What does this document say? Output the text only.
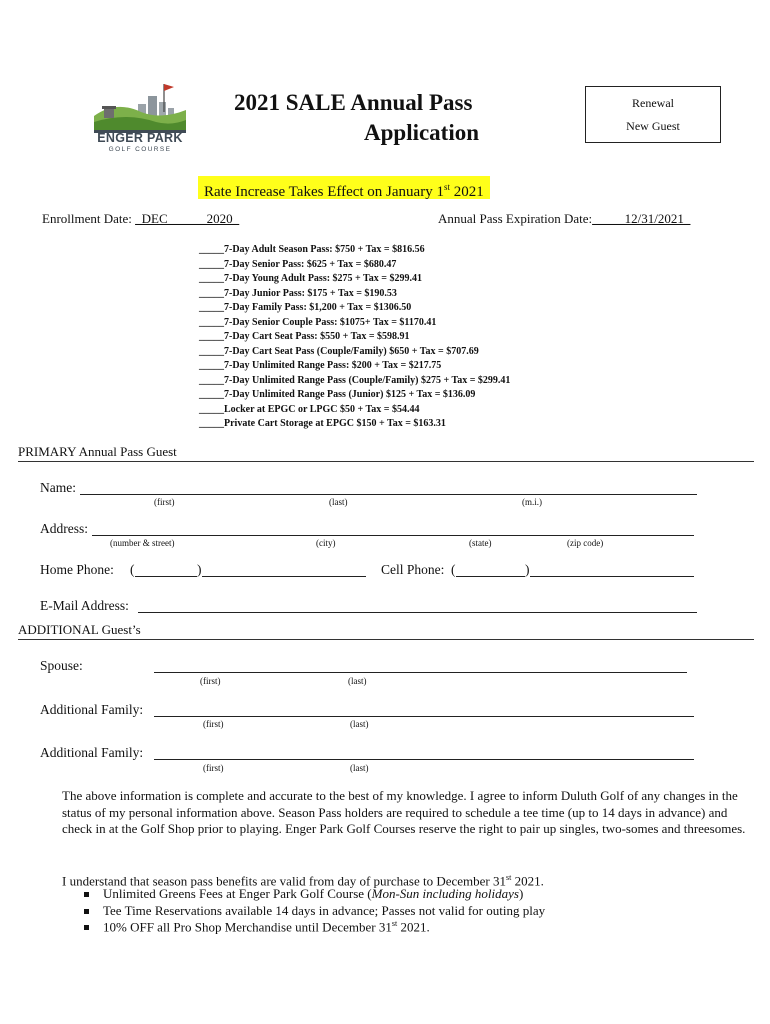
ENGER PARK
GOLF COURSE
2021 SALE Annual Pass
Application
Renewal
New Guest
Rate Increase Takes Effect on January 1st 2021
Enrollment Date: _DEC______2020_	Annual Pass Expiration Date:_____12/31/2021_
_____7-Day Adult Season Pass: $750 + Tax = $816.56
_____7-Day Senior Pass: $625 + Tax = $680.47
_____7-Day Young Adult Pass: $275 + Tax = $299.41
_____7-Day Junior Pass: $175 + Tax = $190.53
_____7-Day Family Pass: $1,200 + Tax = $1306.50
_____7-Day Senior Couple Pass: $1075+ Tax = $1170.41
_____7-Day Cart Seat Pass: $550 + Tax = $598.91
_____7-Day Cart Seat Pass (Couple/Family) $650 + Tax = $707.69
_____7-Day Unlimited Range Pass: $200 + Tax = $217.75
_____7-Day Unlimited Range Pass (Couple/Family) $275 + Tax = $299.41
_____7-Day Unlimited Range Pass (Junior) $125 + Tax = $136.09
_____Locker at EPGC or LPGC $50 + Tax = $54.44
_____Private Cart Storage at EPGC $150 + Tax = $163.31
PRIMARY Annual Pass Guest
Name:
(first)	(last)	(m.i.)
Address:
(number & street)	(city)	(state)	(zip code)
Home Phone: (	)	Cell Phone: (	)
E-Mail Address:
ADDITIONAL Guest’s
Spouse:
(first)	(last)
Additional Family:
(first)	(last)
Additional Family:
(first)	(last)
The above information is complete and accurate to the best of my knowledge. I agree to inform Duluth Golf of any changes in the status of my personal information above. Season Pass holders are required to schedule a tee time (up to 14 days in advance) and check in at the Golf Shop prior to playing. Enger Park Golf Courses reserve the right to pair up singles, two-somes and threesomes.
I understand that season pass benefits are valid from day of purchase to December 31st 2021.
Unlimited Greens Fees at Enger Park Golf Course (Mon-Sun including holidays)
Tee Time Reservations available 14 days in advance; Passes not valid for outing play
10% OFF all Pro Shop Merchandise until December 31st 2021.
